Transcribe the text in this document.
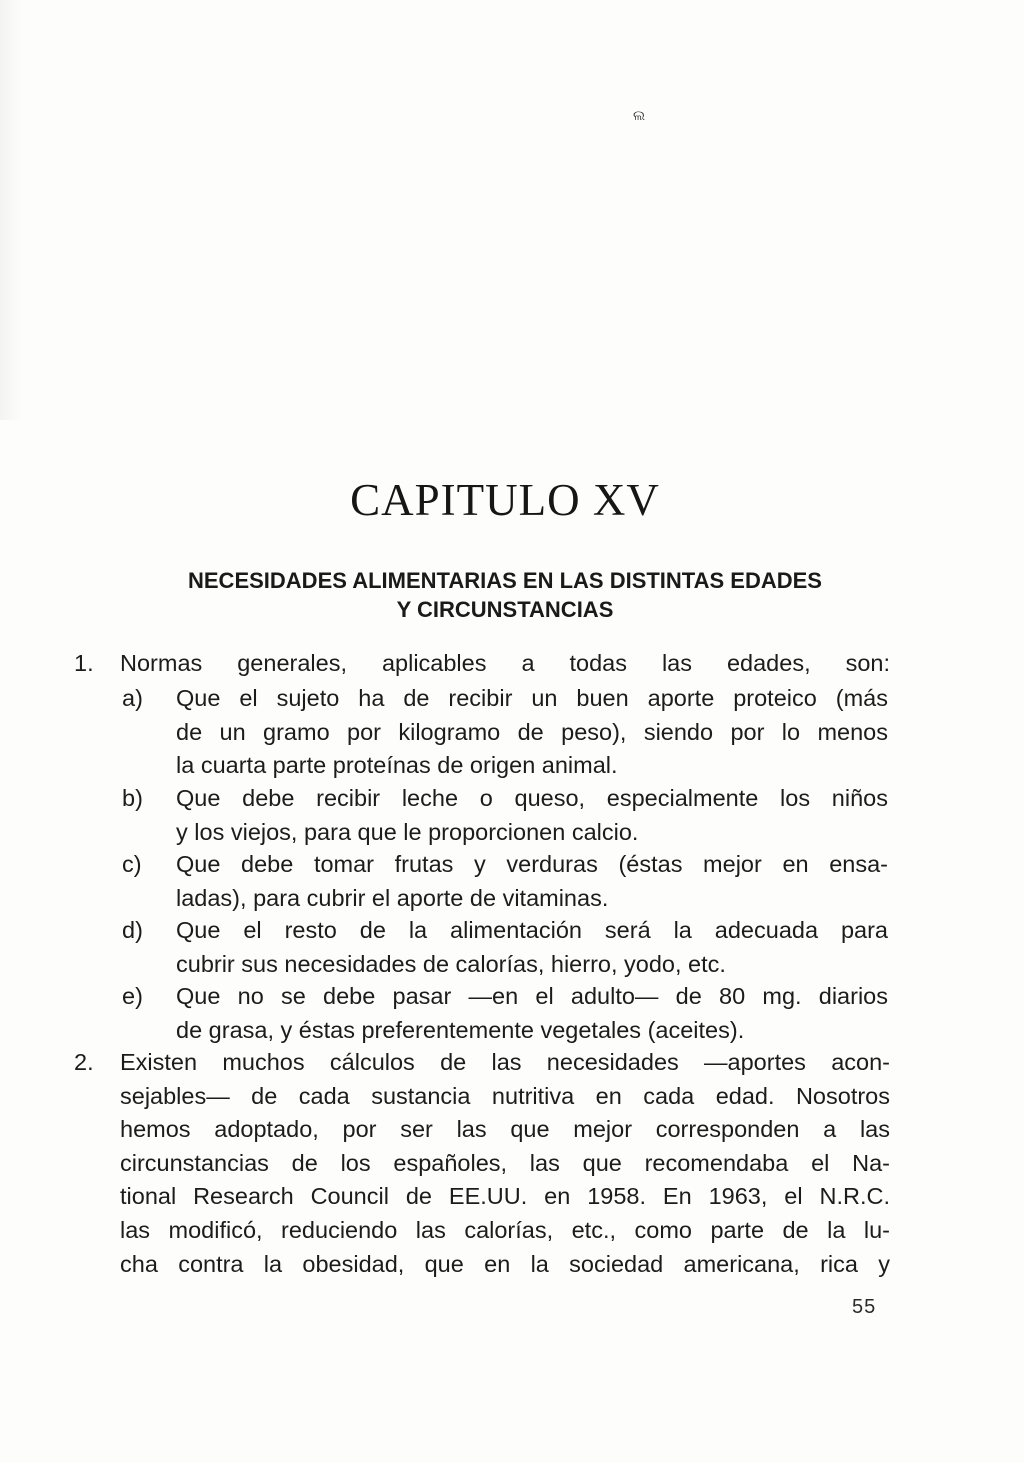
ଲ
CAPITULO XV
NECESIDADES ALIMENTARIAS EN LAS DISTINTAS EDADES
Y CIRCUNSTANCIAS
1. Normas generales, aplicables a todas las edades, son:
a) Que el sujeto ha de recibir un buen aporte proteico (más
de un gramo por kilogramo de peso), siendo por lo menos
la cuarta parte proteínas de origen animal.
b) Que debe recibir leche o queso, especialmente los niños
y los viejos, para que le proporcionen calcio.
c) Que debe tomar frutas y verduras (éstas mejor en ensa-
ladas), para cubrir el aporte de vitaminas.
d) Que el resto de la alimentación será la adecuada para
cubrir sus necesidades de calorías, hierro, yodo, etc.
e) Que no se debe pasar —en el adulto— de 80 mg. diarios
de grasa, y éstas preferentemente vegetales (aceites).
2. Existen muchos cálculos de las necesidades —aportes acon-
sejables— de cada sustancia nutritiva en cada edad. Nosotros
hemos adoptado, por ser las que mejor corresponden a las
circunstancias de los españoles, las que recomendaba el Na-
tional Research Council de EE.UU. en 1958. En 1963, el N.R.C.
las modificó, reduciendo las calorías, etc., como parte de la lu-
cha contra la obesidad, que en la sociedad americana, rica y
55
